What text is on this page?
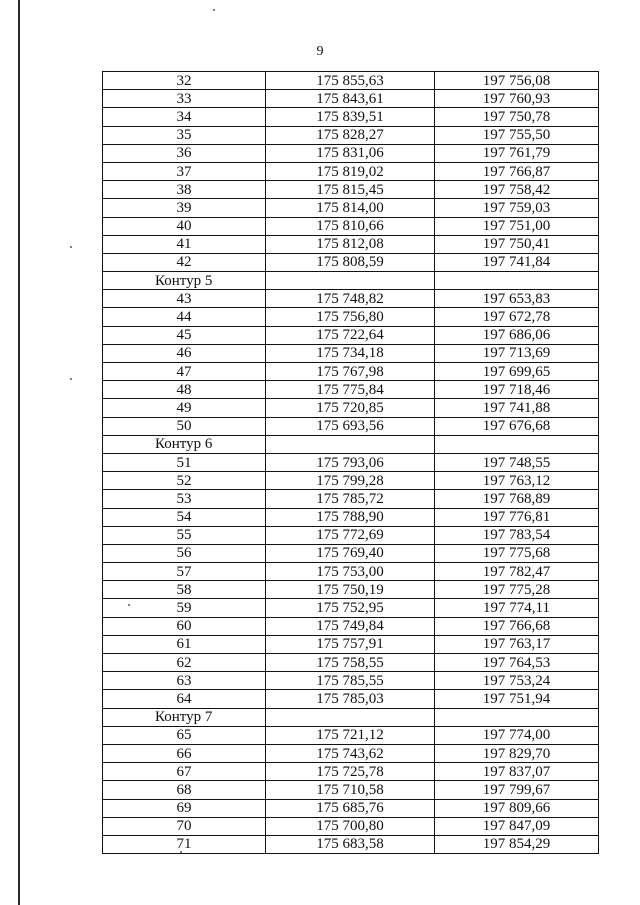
9
32	175 855,63	197 756,08
33	175 843,61	197 760,93
34	175 839,51	197 750,78
35	175 828,27	197 755,50
36	175 831,06	197 761,79
37	175 819,02	197 766,87
38	175 815,45	197 758,42
39	175 814,00	197 759,03
40	175 810,66	197 751,00
41	175 812,08	197 750,41
42	175 808,59	197 741,84
Контур 5		
43	175 748,82	197 653,83
44	175 756,80	197 672,78
45	175 722,64	197 686,06
46	175 734,18	197 713,69
47	175 767,98	197 699,65
48	175 775,84	197 718,46
49	175 720,85	197 741,88
50	175 693,56	197 676,68
Контур 6		
51	175 793,06	197 748,55
52	175 799,28	197 763,12
53	175 785,72	197 768,89
54	175 788,90	197 776,81
55	175 772,69	197 783,54
56	175 769,40	197 775,68
57	175 753,00	197 782,47
58	175 750,19	197 775,28
59	175 752,95	197 774,11
60	175 749,84	197 766,68
61	175 757,91	197 763,17
62	175 758,55	197 764,53
63	175 785,55	197 753,24
64	175 785,03	197 751,94
Контур 7		
65	175 721,12	197 774,00
66	175 743,62	197 829,70
67	175 725,78	197 837,07
68	175 710,58	197 799,67
69	175 685,76	197 809,66
70	175 700,80	197 847,09
71	175 683,58	197 854,29
